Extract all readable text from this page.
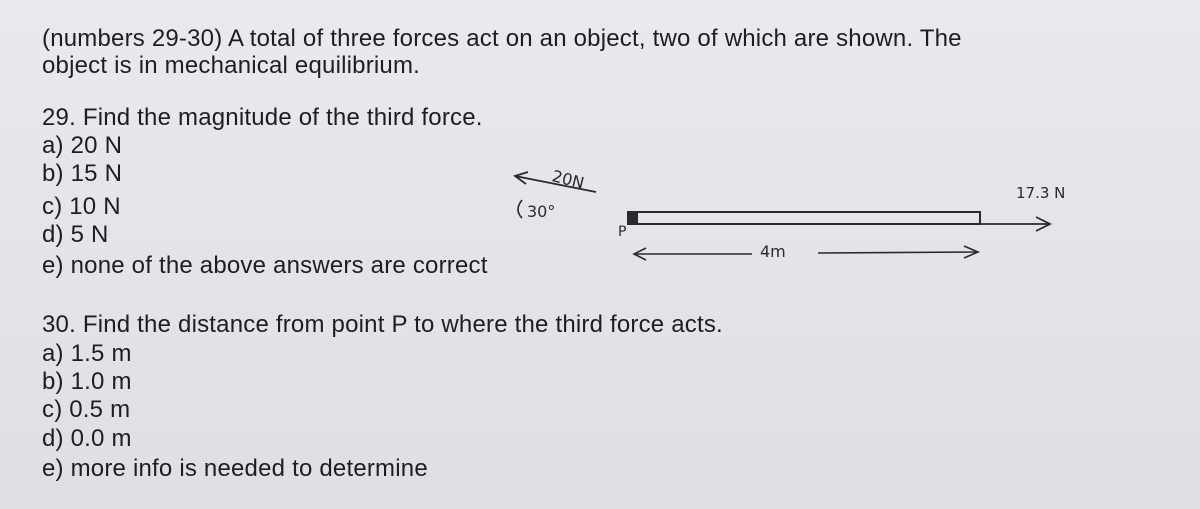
(numbers 29-30) A total of three forces act on an object, two of which are shown. The
object is in mechanical equilibrium.
29. Find the magnitude of the third force.
a) 20 N
b) 15 N
c) 10 N
d) 5 N
e) none of the above answers are correct
30. Find the distance from point P to where the third force acts.
a) 1.5 m
b) 1.0 m
c) 0.5 m
d) 0.0 m
e) more info is needed to determine
20N
30°
P
4m
17.3 N
